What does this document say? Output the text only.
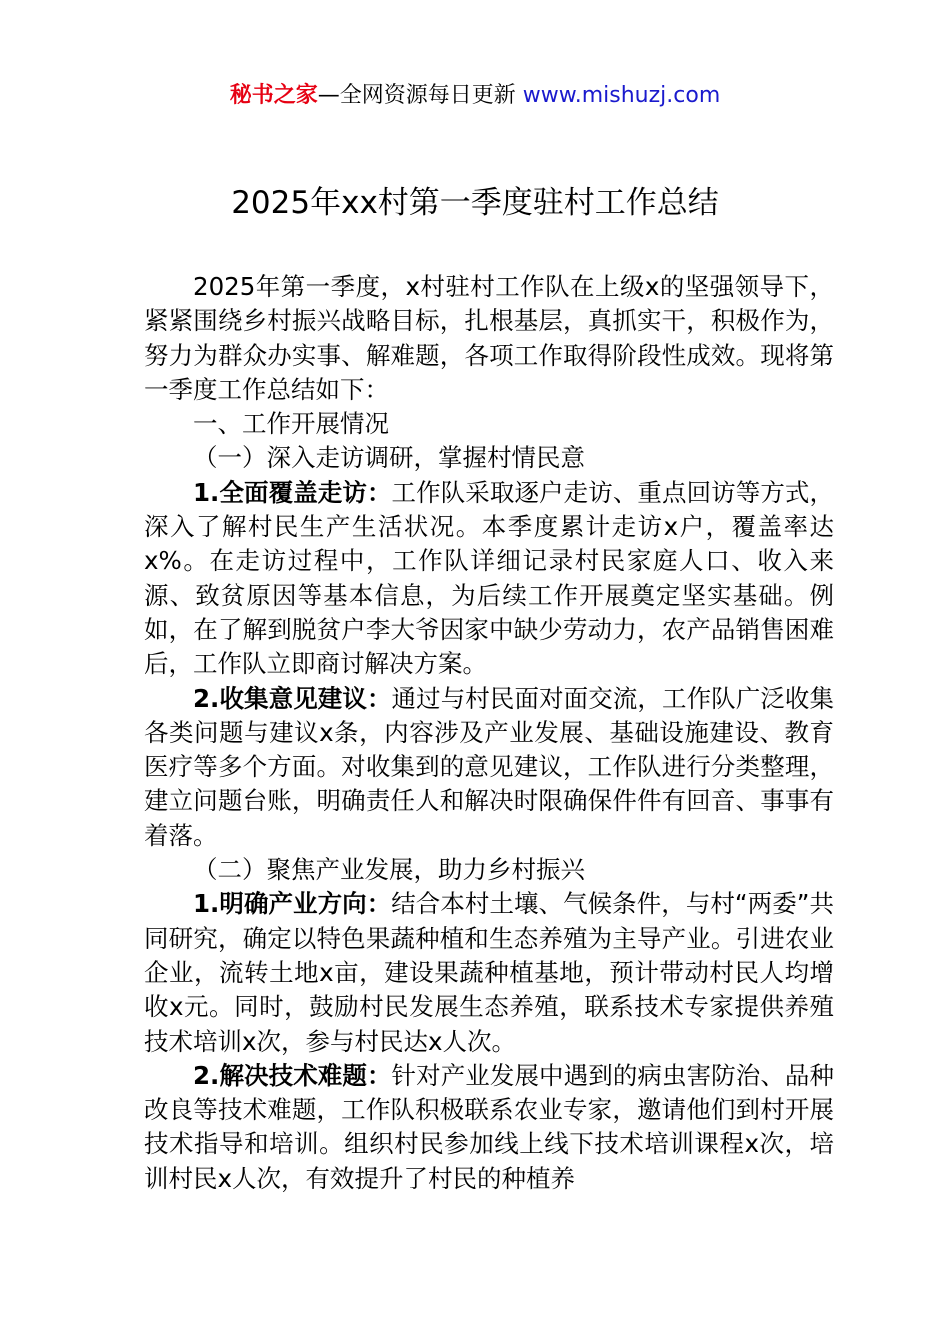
秘书之家—全网资源每日更新 www.mishuzj.com
2025年xx村第一季度驻村工作总结

2025年第一季度，x村驻村工作队在上级x的坚强领导下，紧紧围绕乡村振兴战略目标，扎根基层，真抓实干，积极作为，努力为群众办实事、解难题，各项工作取得阶段性成效。现将第一季度工作总结如下：

一、工作开展情况

（一）深入走访调研，掌握村情民意

1.全面覆盖走访：工作队采取逐户走访、重点回访等方式，深入了解村民生产生活状况。本季度累计走访x户，覆盖率达x%。在走访过程中，工作队详细记录村民家庭人口、收入来源、致贫原因等基本信息，为后续工作开展奠定坚实基础。例如，在了解到脱贫户李大爷因家中缺少劳动力，农产品销售困难后，工作队立即商讨解决方案。

2.收集意见建议：通过与村民面对面交流，工作队广泛收集各类问题与建议x条，内容涉及产业发展、基础设施建设、教育医疗等多个方面。对收集到的意见建议，工作队进行分类整理，建立问题台账，明确责任人和解决时限确保件件有回音、事事有着落。

（二）聚焦产业发展，助力乡村振兴

1.明确产业方向：结合本村土壤、气候条件，与村“两委”共同研究，确定以特色果蔬种植和生态养殖为主导产业。引进农业企业，流转土地x亩，建设果蔬种植基地，预计带动村民人均增收x元。同时，鼓励村民发展生态养殖，联系技术专家提供养殖技术培训x次，参与村民达x人次。

2.解决技术难题：针对产业发展中遇到的病虫害防治、品种改良等技术难题，工作队积极联系农业专家，邀请他们到村开展技术指导和培训。组织村民参加线上线下技术培训课程x次，培训村民x人次，有效提升了村民的种植养
